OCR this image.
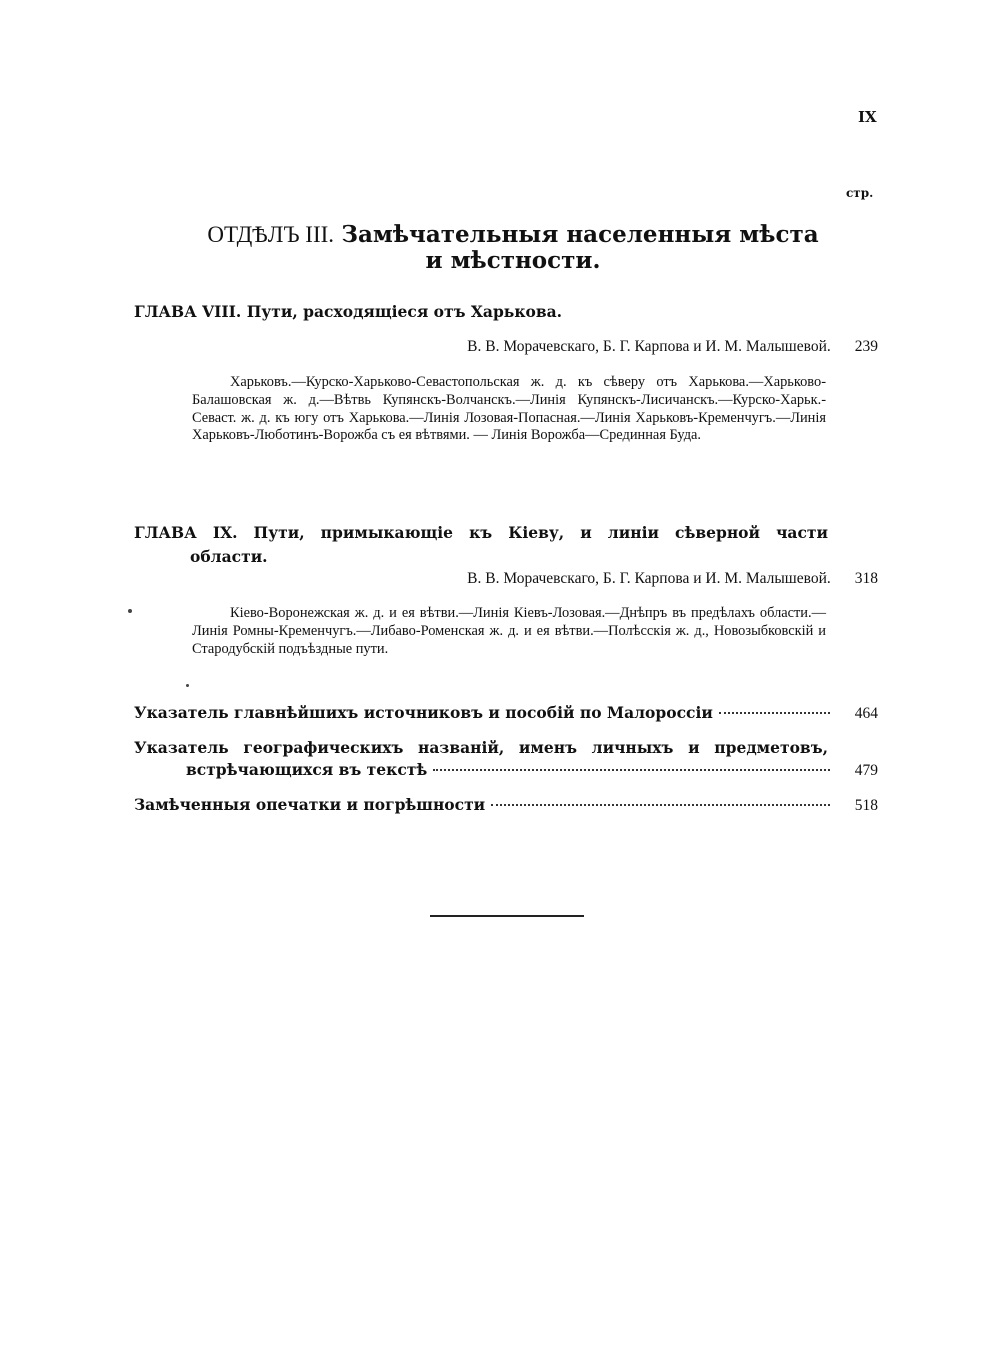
IX
стр.
ОТДѢЛЪ III. Замѣчательныя населенныя мѣста
и мѣстности.
ГЛАВА VIII. Пути, расходящіеся отъ Харькова.
В. В. Морачевскаго, Б. Г. Карпова и И. М. Малышевой. 239
Харьковъ.—Курско-Харьково-Севастопольская ж. д. къ сѣверу отъ Харькова.—Харьково-Балашовская ж. д.—Вѣтвь Купянскъ-Волчанскъ.—Линія Купянскъ-Лисичанскъ.—Курско-Харьк.-Севаст. ж. д. къ югу отъ Харькова.—Линія Лозовая-Попасная.—Линія Харьковъ-Кременчугъ.—Линія Харьковъ-Люботинъ-Ворожба съ ея вѣтвями. — Линія Ворожба—Срединная Буда.
ГЛАВА IX. Пути, примыкающіе къ Кіеву, и линіи сѣверной части
области.
В. В. Морачевскаго, Б. Г. Карпова и И. М. Малышевой. 318
Кіево-Воронежская ж. д. и ея вѣтви.—Линія Кіевъ-Лозовая.—Днѣпръ въ предѣлахъ области.—Линія Ромны-Кременчугъ.—Либаво-Роменская ж. д. и ея вѣтви.—Полѣсскія ж. д., Новозыбковскій и Стародубскій подъѣздные пути.
Указатель главнѣйшихъ источниковъ и пособій по Малороссіи	464
Указатель географическихъ названій, именъ личныхъ и предметовъ,
встрѣчающихся въ текстѣ	479
Замѣченныя опечатки и погрѣшности	518
